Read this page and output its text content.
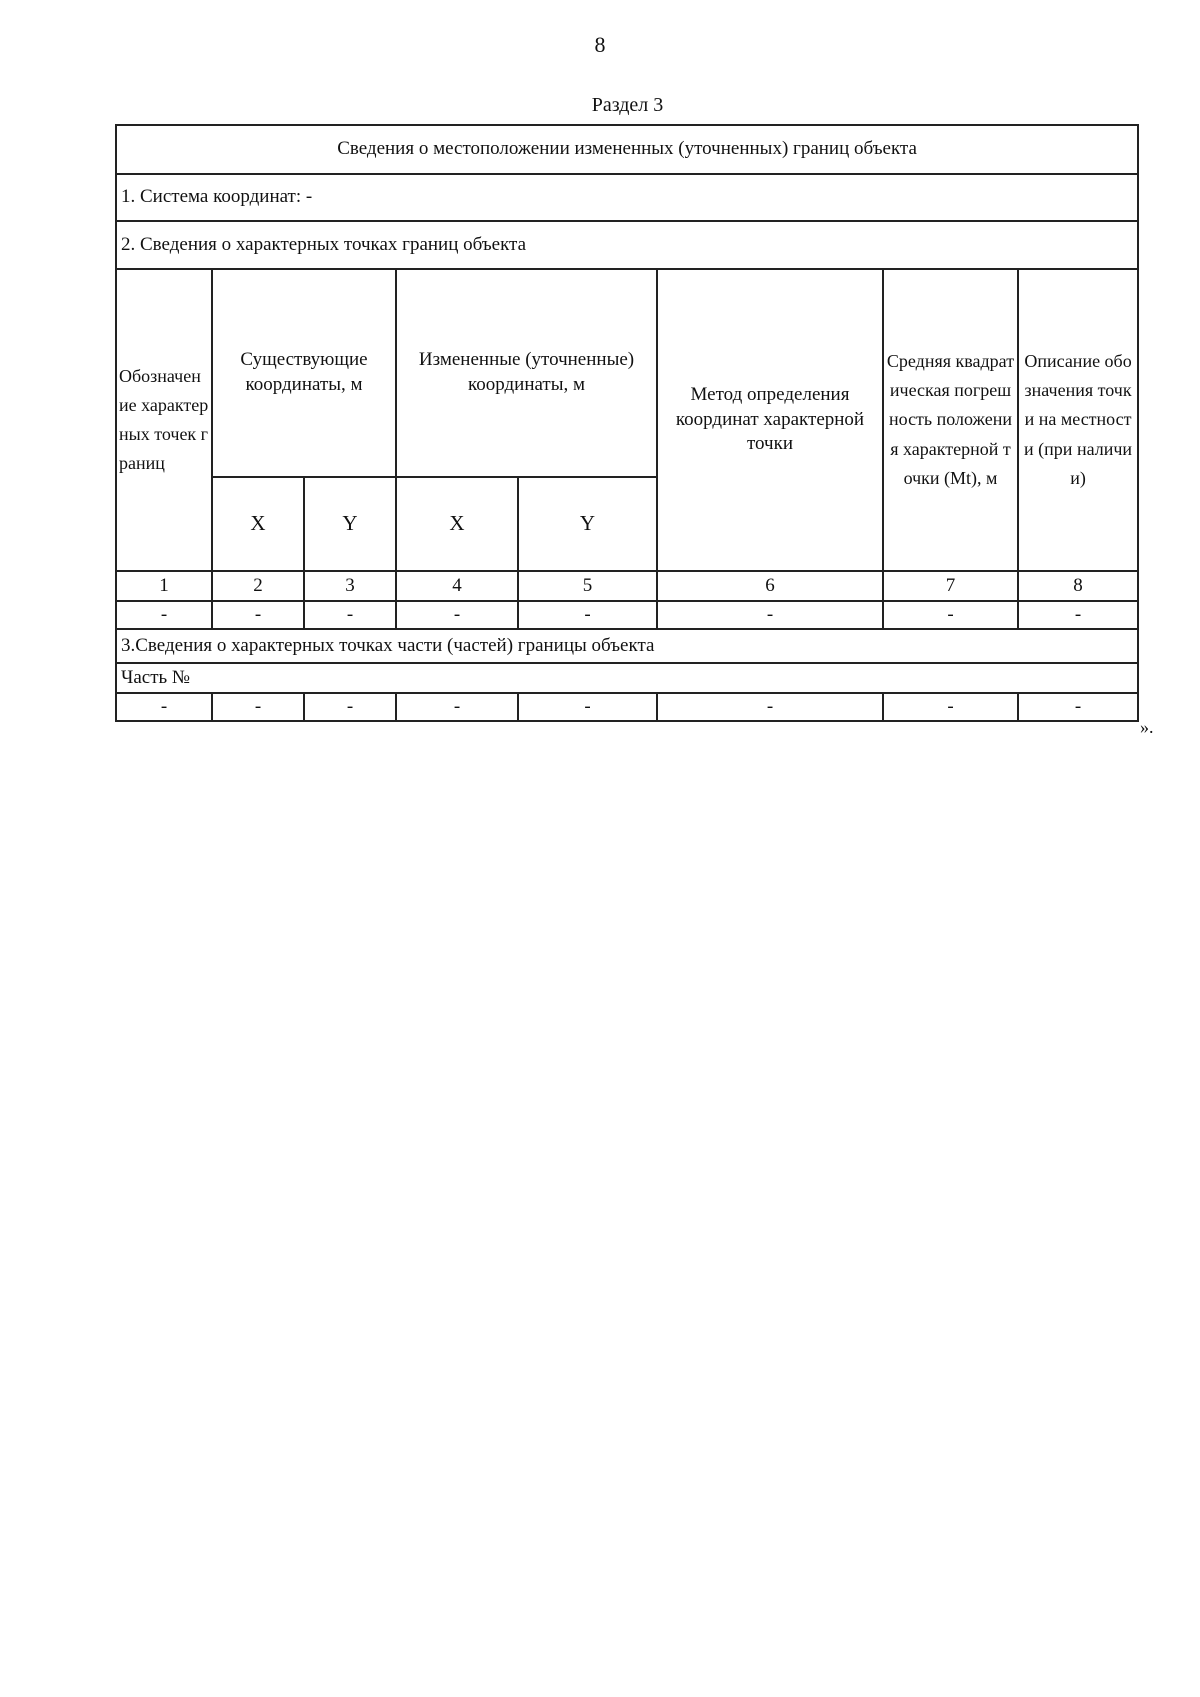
8
Раздел 3
Сведения о местоположении измененных (уточненных) границ объекта							
1. Система координат: -							
2. Сведения о характерных точках границ объекта							
Обозначение характерных точек границ	Существующие координаты, м		Измененные (уточненные) координаты, м		Метод определения координат характерной точки	Средняя квадратическая погрешность положения характерной точки (Mt), м	Описание обозначения точки на местности (при наличии)
	X	Y	X	Y			
1	2	3	4	5	6	7	8
-	-	-	-	-	-	-	-
3.Сведения о характерных точках части (частей) границы объекта							
Часть №							
-	-	-	-	-	-	-	-
».
